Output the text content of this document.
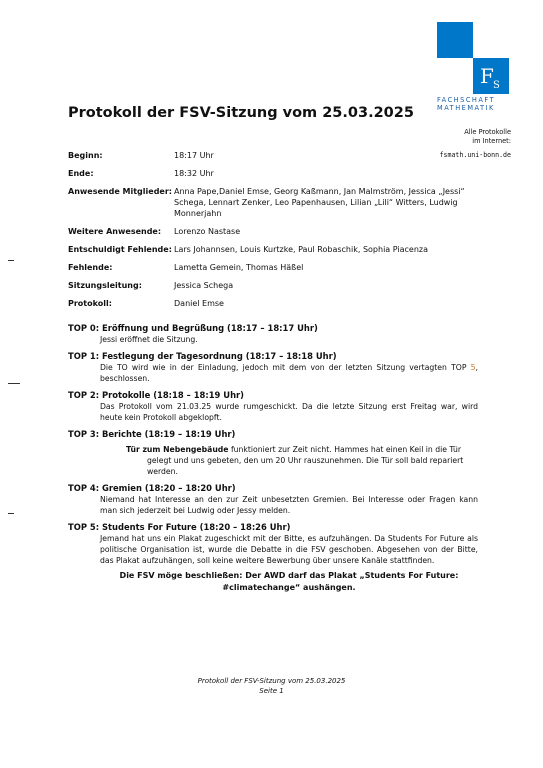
F S
FACHSCHAFT
MATHEMATIK
Protokoll der FSV-Sitzung vom 25.03.2025
Alle Protokolle
im Internet:
fsmath.uni-bonn.de
Beginn:	18:17 Uhr
Ende:	18:32 Uhr
Anwesende Mitglieder: Anna Pape,Daniel Emse, Georg Kaßmann, Jan Malmström, Jessica „Jessi“ Schega, Lennart Zenker, Leo Papenhausen, Lilian „Lili“ Witters, Ludwig Monnerjahn
Weitere Anwesende:	Lorenzo Nastase
Entschuldigt Fehlende: Lars Johannsen, Louis Kurtzke, Paul Robaschik, Sophia Piacenza
Fehlende:	Lametta Gemein, Thomas Häßel
Sitzungsleitung:	Jessica Schega
Protokoll:	Daniel Emse
TOP 0: Eröffnung und Begrüßung (18:17 – 18:17 Uhr)
Jessi eröffnet die Sitzung.
TOP 1: Festlegung der Tagesordnung (18:17 – 18:18 Uhr)
Die TO wird wie in der Einladung, jedoch mit dem von der letzten Sitzung vertagten TOP 5, beschlossen.
TOP 2: Protokolle (18:18 – 18:19 Uhr)
Das Protokoll vom 21.03.25 wurde rumgeschickt. Da die letzte Sitzung erst Freitag war, wird heute kein Protokoll abgeklopft.
TOP 3: Berichte (18:19 – 18:19 Uhr)
Tür zum Nebengebäude funktioniert zur Zeit nicht. Hammes hat einen Keil in die Tür gelegt und uns gebeten, den um 20 Uhr rauszunehmen. Die Tür soll bald repariert werden.
TOP 4: Gremien (18:20 – 18:20 Uhr)
Niemand hat Interesse an den zur Zeit unbesetzten Gremien. Bei Interesse oder Fragen kann man sich jederzeit bei Ludwig oder Jessy melden.
TOP 5: Students For Future (18:20 – 18:26 Uhr)
Jemand hat uns ein Plakat zugeschickt mit der Bitte, es aufzuhängen. Da Students For Future als politische Organisation ist, wurde die Debatte in die FSV geschoben. Abgesehen von der Bitte, das Plakat aufzuhängen, soll keine weitere Bewerbung über unsere Kanäle stattfinden.
Die FSV möge beschließen: Der AWD darf das Plakat „Students For Future: #climatechange“ aushängen.
Protokoll der FSV-Sitzung vom 25.03.2025
Seite 1
